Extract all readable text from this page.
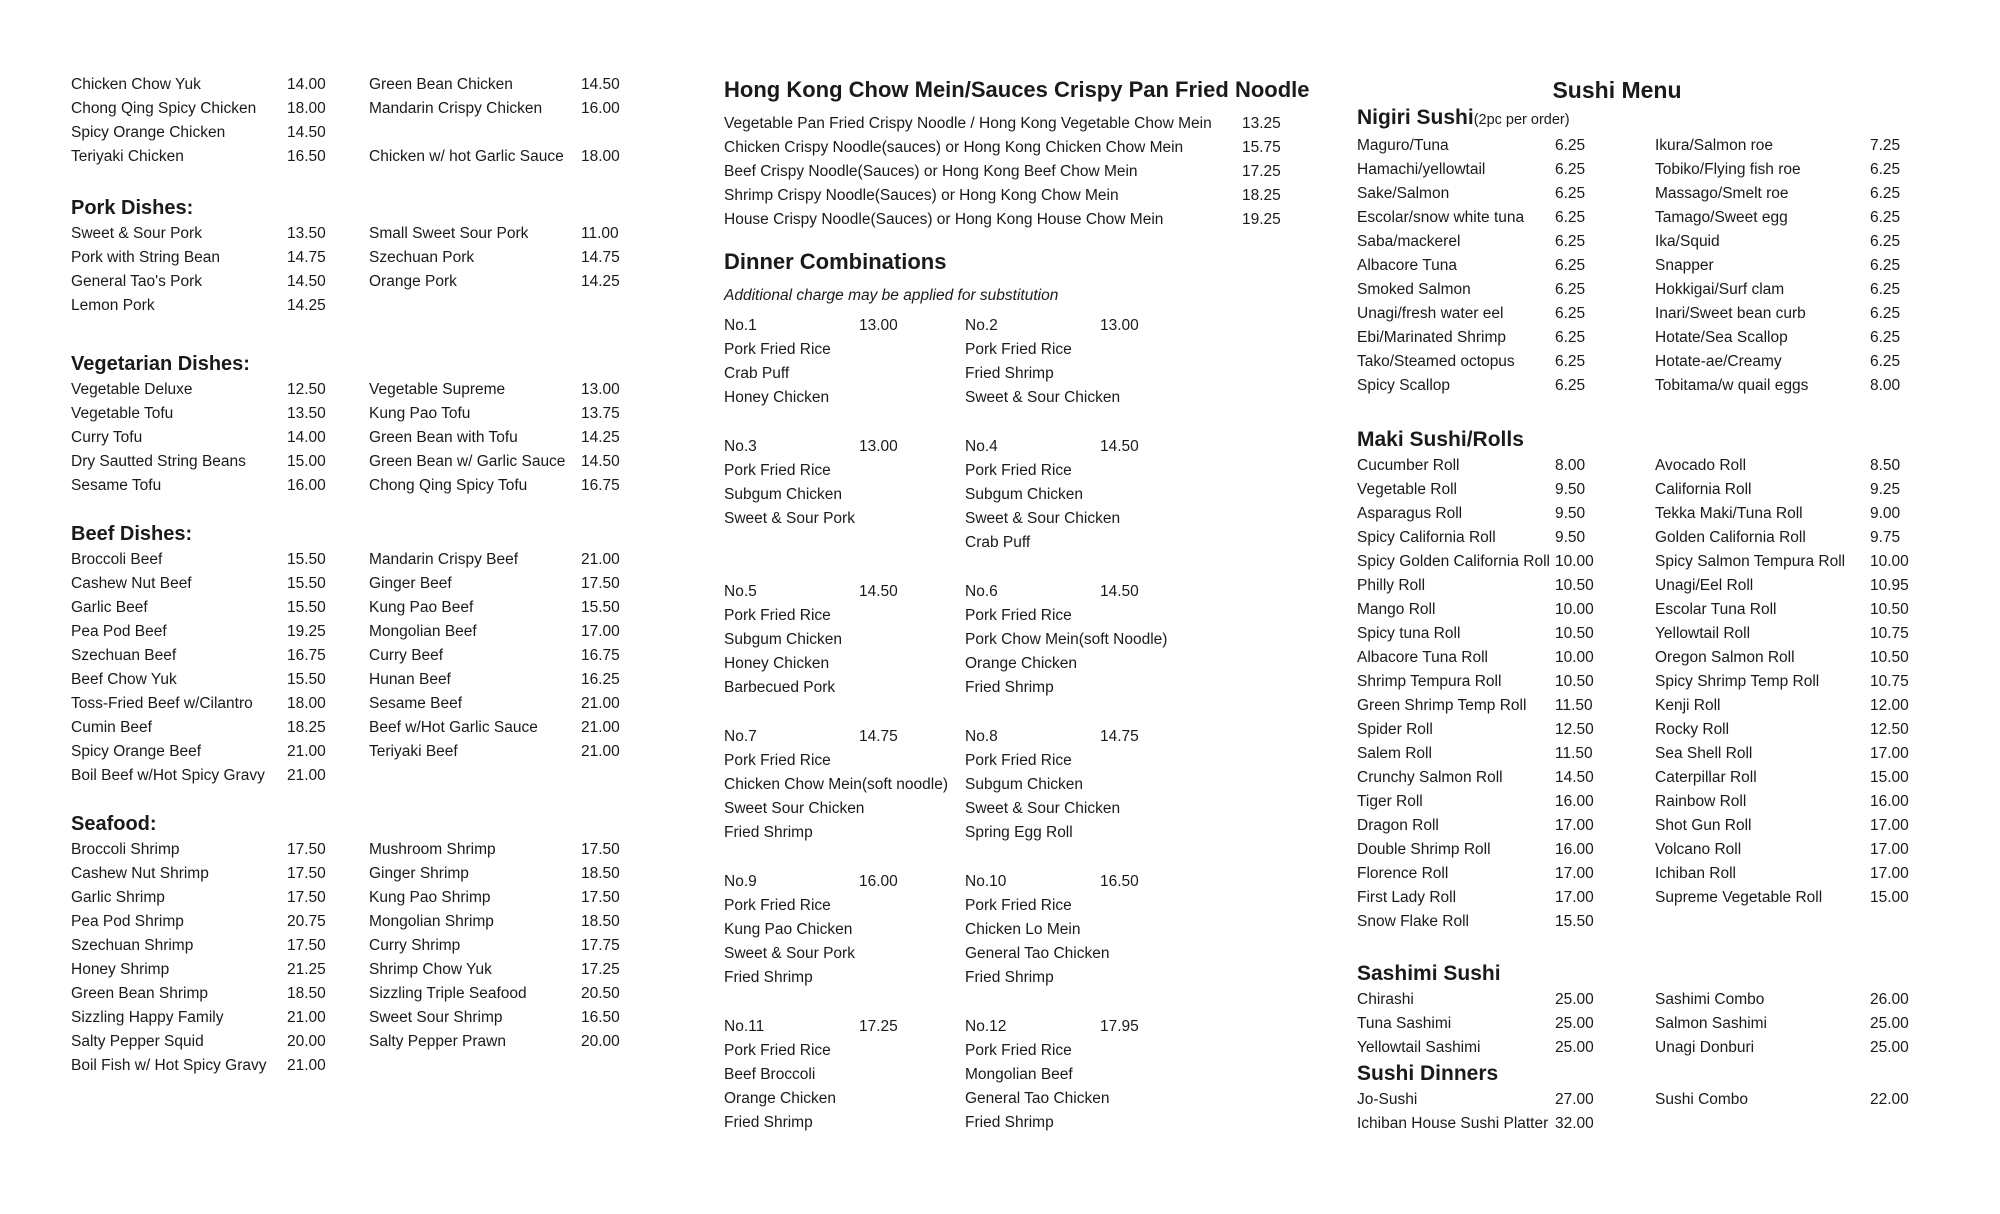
Chicken Chow Yuk	14.00	Green Bean Chicken	14.50
Chong Qing Spicy Chicken	18.00	Mandarin Crispy Chicken	16.00
Spicy Orange Chicken	14.50
Teriyaki Chicken	16.50	Chicken w/ hot Garlic Sauce	18.00
Pork Dishes:
Sweet & Sour Pork	13.50	Small Sweet Sour Pork	11.00
Pork with String Bean	14.75	Szechuan Pork	14.75
General Tao's Pork	14.50	Orange Pork	14.25
Lemon Pork	14.25
Vegetarian Dishes:
Vegetable Deluxe	12.50	Vegetable Supreme	13.00
Vegetable Tofu	13.50	Kung Pao Tofu	13.75
Curry Tofu	14.00	Green Bean with Tofu	14.25
Dry Sautted String Beans	15.00	Green Bean w/ Garlic Sauce	14.50
Sesame Tofu	16.00	Chong Qing Spicy Tofu	16.75
Beef Dishes:
Broccoli Beef	15.50	Mandarin Crispy Beef	21.00
Cashew Nut Beef	15.50	Ginger Beef	17.50
Garlic Beef	15.50	Kung Pao Beef	15.50
Pea Pod Beef	19.25	Mongolian Beef	17.00
Szechuan Beef	16.75	Curry Beef	16.75
Beef Chow Yuk	15.50	Hunan Beef	16.25
Toss-Fried Beef w/Cilantro	18.00	Sesame Beef	21.00
Cumin Beef	18.25	Beef w/Hot Garlic Sauce	21.00
Spicy Orange Beef	21.00	Teriyaki Beef	21.00
Boil Beef w/Hot Spicy Gravy	21.00
Seafood:
Broccoli Shrimp	17.50	Mushroom Shrimp	17.50
Cashew Nut Shrimp	17.50	Ginger Shrimp	18.50
Garlic Shrimp	17.50	Kung Pao Shrimp	17.50
Pea Pod Shrimp	20.75	Mongolian Shrimp	18.50
Szechuan Shrimp	17.50	Curry Shrimp	17.75
Honey Shrimp	21.25	Shrimp Chow Yuk	17.25
Green Bean Shrimp	18.50	Sizzling Triple Seafood	20.50
Sizzling Happy Family	21.00	Sweet Sour Shrimp	16.50
Salty Pepper Squid	20.00	Salty Pepper Prawn	20.00
Boil Fish w/ Hot Spicy Gravy	21.00
Hong Kong Chow Mein/Sauces Crispy Pan Fried Noodle
Vegetable Pan Fried Crispy Noodle / Hong Kong Vegetable Chow Mein	13.25
Chicken Crispy Noodle(sauces) or Hong Kong Chicken Chow Mein	15.75
Beef Crispy Noodle(Sauces) or Hong Kong Beef Chow Mein	17.25
Shrimp Crispy Noodle(Sauces) or Hong Kong Chow Mein	18.25
House Crispy Noodle(Sauces) or Hong Kong House Chow Mein	19.25
Dinner Combinations
Additional charge may be applied for substitution
No.1	13.00
Pork Fried Rice
Crab Puff
Honey Chicken
No.2	13.00
Pork Fried Rice
Fried Shrimp
Sweet & Sour Chicken
No.3	13.00
Pork Fried Rice
Subgum Chicken
Sweet & Sour Pork
No.4	14.50
Pork Fried Rice
Subgum Chicken
Sweet & Sour Chicken
Crab Puff
No.5	14.50
Pork Fried Rice
Subgum Chicken
Honey Chicken
Barbecued Pork
No.6	14.50
Pork Fried Rice
Pork Chow Mein(soft Noodle)
Orange Chicken
Fried Shrimp
No.7	14.75
Pork Fried Rice
Chicken Chow Mein(soft noodle)
Sweet Sour Chicken
Fried Shrimp
No.8	14.75
Pork Fried Rice
Subgum Chicken
Sweet & Sour Chicken
Spring Egg Roll
No.9	16.00
Pork Fried Rice
Kung Pao Chicken
Sweet & Sour Pork
Fried Shrimp
No.10	16.50
Pork Fried Rice
Chicken Lo Mein
General Tao Chicken
Fried Shrimp
No.11	17.25
Pork Fried Rice
Beef Broccoli
Orange Chicken
Fried Shrimp
No.12	17.95
Pork Fried Rice
Mongolian Beef
General Tao Chicken
Fried Shrimp
Sushi Menu
Nigiri Sushi(2pc per order)
Maguro/Tuna	6.25	Ikura/Salmon roe	7.25
Hamachi/yellowtail	6.25	Tobiko/Flying fish roe	6.25
Sake/Salmon	6.25	Massago/Smelt roe	6.25
Escolar/snow white tuna	6.25	Tamago/Sweet egg	6.25
Saba/mackerel	6.25	Ika/Squid	6.25
Albacore Tuna	6.25	Snapper	6.25
Smoked Salmon	6.25	Hokkigai/Surf clam	6.25
Unagi/fresh water eel	6.25	Inari/Sweet bean curb	6.25
Ebi/Marinated Shrimp	6.25	Hotate/Sea Scallop	6.25
Tako/Steamed octopus	6.25	Hotate-ae/Creamy	6.25
Spicy Scallop	6.25	Tobitama/w quail eggs	8.00
Maki Sushi/Rolls
Cucumber Roll	8.00	Avocado Roll	8.50
Vegetable Roll	9.50	California Roll	9.25
Asparagus Roll	9.50	Tekka Maki/Tuna Roll	9.00
Spicy California Roll	9.50	Golden California Roll	9.75
Spicy Golden California Roll 10.00	Spicy Salmon Tempura Roll	10.00
Philly Roll	10.50	Unagi/Eel Roll	10.95
Mango Roll	10.00	Escolar Tuna Roll	10.50
Spicy tuna Roll	10.50	Yellowtail Roll	10.75
Albacore Tuna Roll	10.00	Oregon Salmon Roll	10.50
Shrimp Tempura Roll	10.50	Spicy Shrimp Temp Roll	10.75
Green Shrimp Temp Roll	11.50	Kenji Roll	12.00
Spider Roll	12.50	Rocky Roll	12.50
Salem Roll	11.50	Sea Shell Roll	17.00
Crunchy Salmon Roll	14.50	Caterpillar Roll	15.00
Tiger Roll	16.00	Rainbow Roll	16.00
Dragon Roll	17.00	Shot Gun Roll	17.00
Double Shrimp Roll	16.00	Volcano Roll	17.00
Florence Roll	17.00	Ichiban Roll	17.00
First Lady Roll	17.00	Supreme Vegetable Roll	15.00
Snow Flake Roll	15.50
Sashimi Sushi
Chirashi	25.00	Sashimi Combo	26.00
Tuna Sashimi	25.00	Salmon Sashimi	25.00
Yellowtail Sashimi	25.00	Unagi Donburi	25.00
Sushi Dinners
Jo-Sushi	27.00	Sushi Combo	22.00
Ichiban House Sushi Platter 32.00
